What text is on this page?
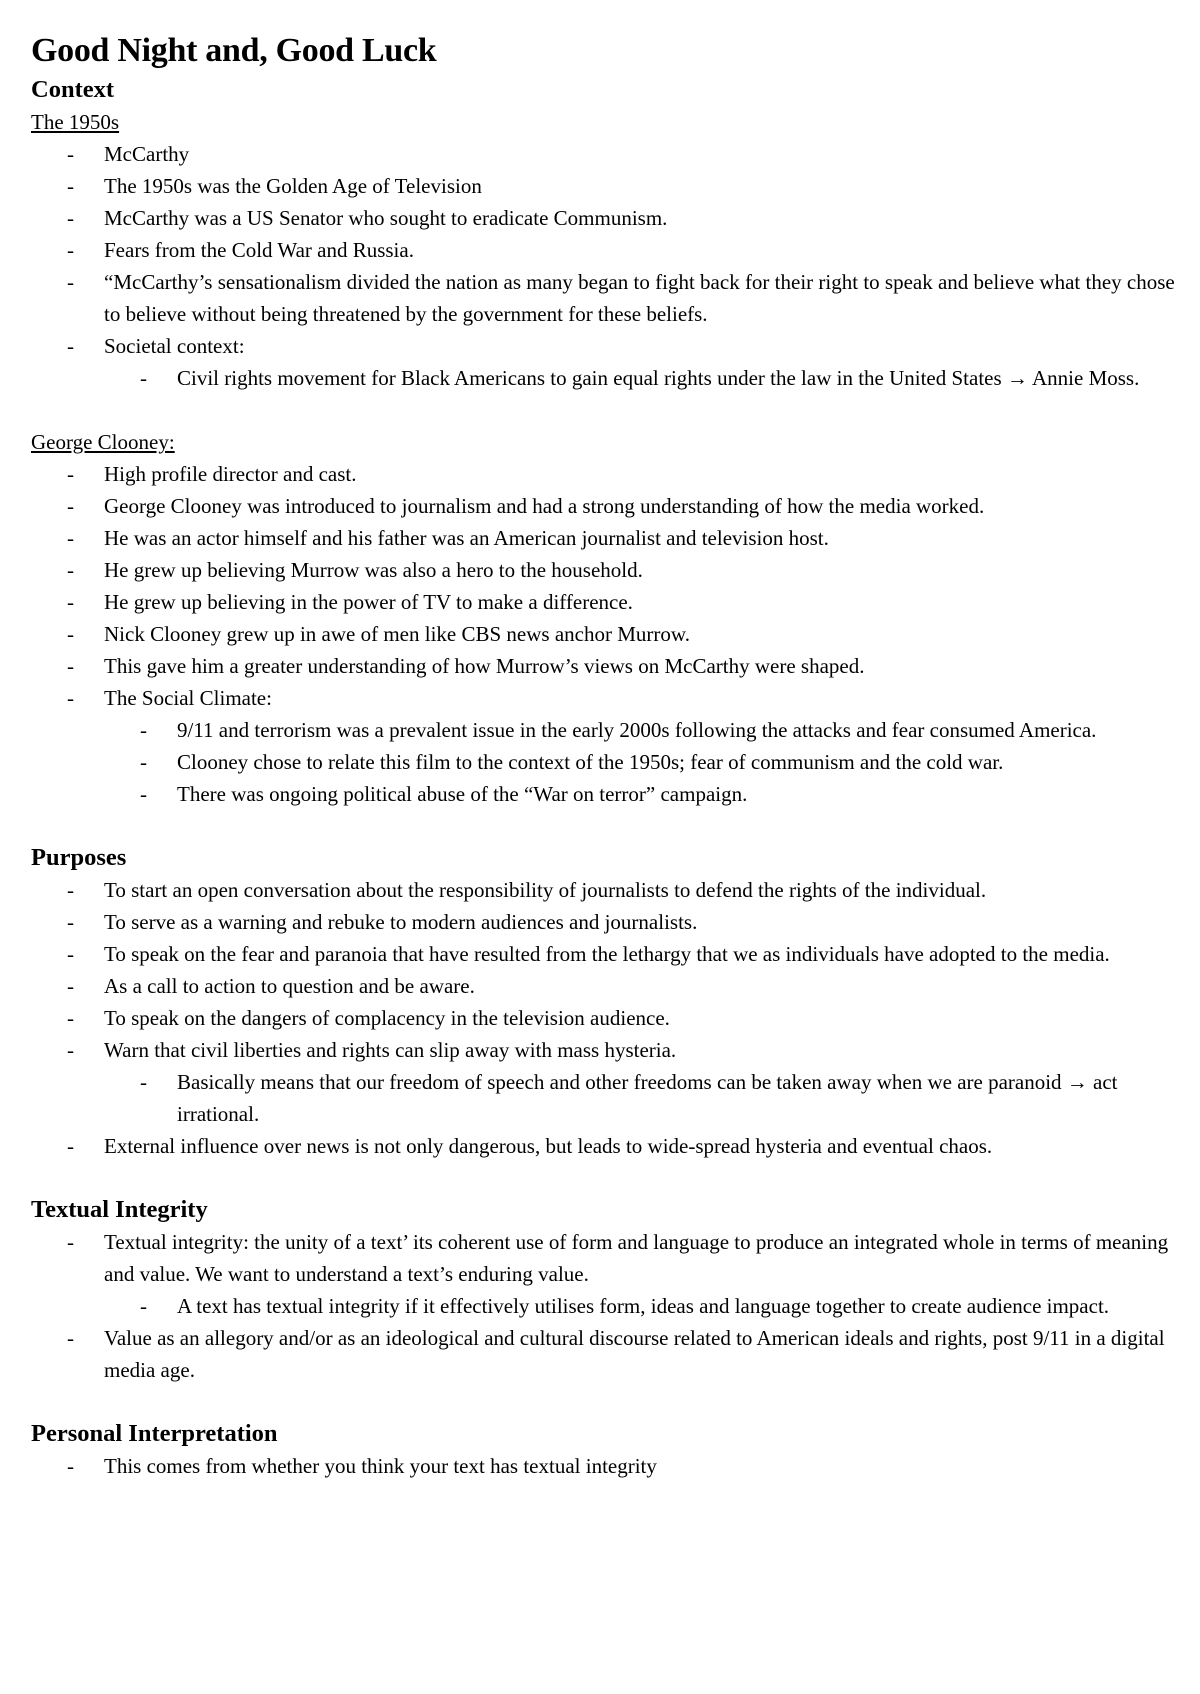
Good Night and, Good Luck
Context
The 1950s
- McCarthy
- The 1950s was the Golden Age of Television
- McCarthy was a US Senator who sought to eradicate Communism.
- Fears from the Cold War and Russia.
- “McCarthy’s sensationalism divided the nation as many began to fight back for their right to speak and believe what they chose to believe without being threatened by the government for these beliefs.
- Societal context:
- Civil rights movement for Black Americans to gain equal rights under the law in the United States → Annie Moss.
George Clooney:
- High profile director and cast.
- George Clooney was introduced to journalism and had a strong understanding of how the media worked.
- He was an actor himself and his father was an American journalist and television host.
- He grew up believing Murrow was also a hero to the household.
- He grew up believing in the power of TV to make a difference.
- Nick Clooney grew up in awe of men like CBS news anchor Murrow.
- This gave him a greater understanding of how Murrow’s views on McCarthy were shaped.
- The Social Climate:
- 9/11 and terrorism was a prevalent issue in the early 2000s following the attacks and fear consumed America.
- Clooney chose to relate this film to the context of the 1950s; fear of communism and the cold war.
- There was ongoing political abuse of the “War on terror” campaign.
Purposes
- To start an open conversation about the responsibility of journalists to defend the rights of the individual.
- To serve as a warning and rebuke to modern audiences and journalists.
- To speak on the fear and paranoia that have resulted from the lethargy that we as individuals have adopted to the media.
- As a call to action to question and be aware.
- To speak on the dangers of complacency in the television audience.
- Warn that civil liberties and rights can slip away with mass hysteria.
- Basically means that our freedom of speech and other freedoms can be taken away when we are paranoid → act irrational.
- External influence over news is not only dangerous, but leads to wide-spread hysteria and eventual chaos.
Textual Integrity
- Textual integrity: the unity of a text’ its coherent use of form and language to produce an integrated whole in terms of meaning and value. We want to understand a text’s enduring value.
- A text has textual integrity if it effectively utilises form, ideas and language together to create audience impact.
- Value as an allegory and/or as an ideological and cultural discourse related to American ideals and rights, post 9/11 in a digital media age.
Personal Interpretation
- This comes from whether you think your text has textual integrity
